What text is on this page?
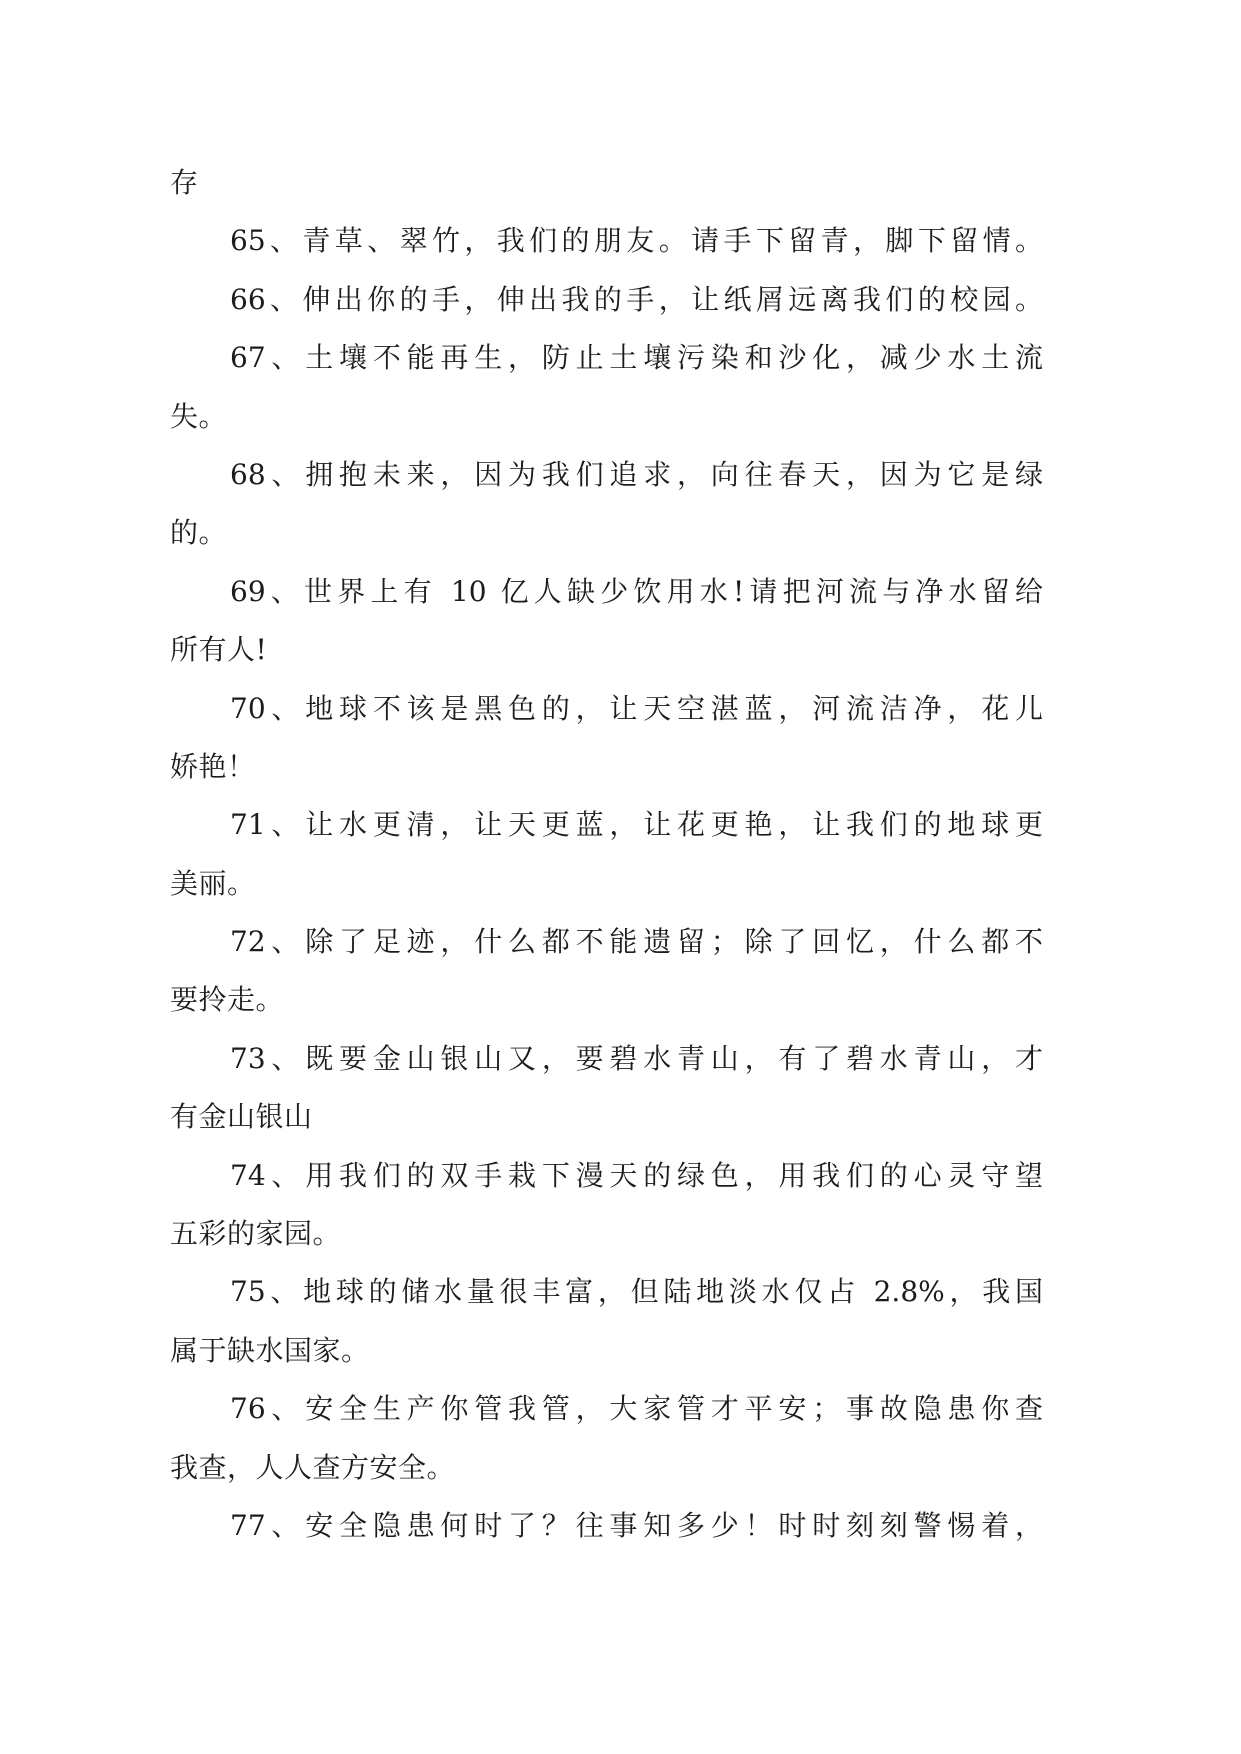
存
65、青草、翠竹，我们的朋友。请手下留青，脚下留情。
66、伸出你的手，伸出我的手，让纸屑远离我们的校园。
67、土壤不能再生，防止土壤污染和沙化，减少水土流
失。
68、拥抱未来，因为我们追求，向往春天，因为它是绿
的。
69、世界上有 10 亿人缺少饮用水!请把河流与净水留给
所有人!
70、地球不该是黑色的，让天空湛蓝，河流洁净，花儿
娇艳！
71、让水更清，让天更蓝，让花更艳，让我们的地球更
美丽。
72、除了足迹，什么都不能遗留；除了回忆，什么都不
要拎走。
73、既要金山银山又，要碧水青山，有了碧水青山，才
有金山银山
74、用我们的双手栽下漫天的绿色，用我们的心灵守望
五彩的家园。
75、地球的储水量很丰富，但陆地淡水仅占 2.8%，我国
属于缺水国家。
76、安全生产你管我管，大家管才平安；事故隐患你查
我查，人人查方安全。
77、安全隐患何时了？往事知多少！时时刻刻警惕着，
